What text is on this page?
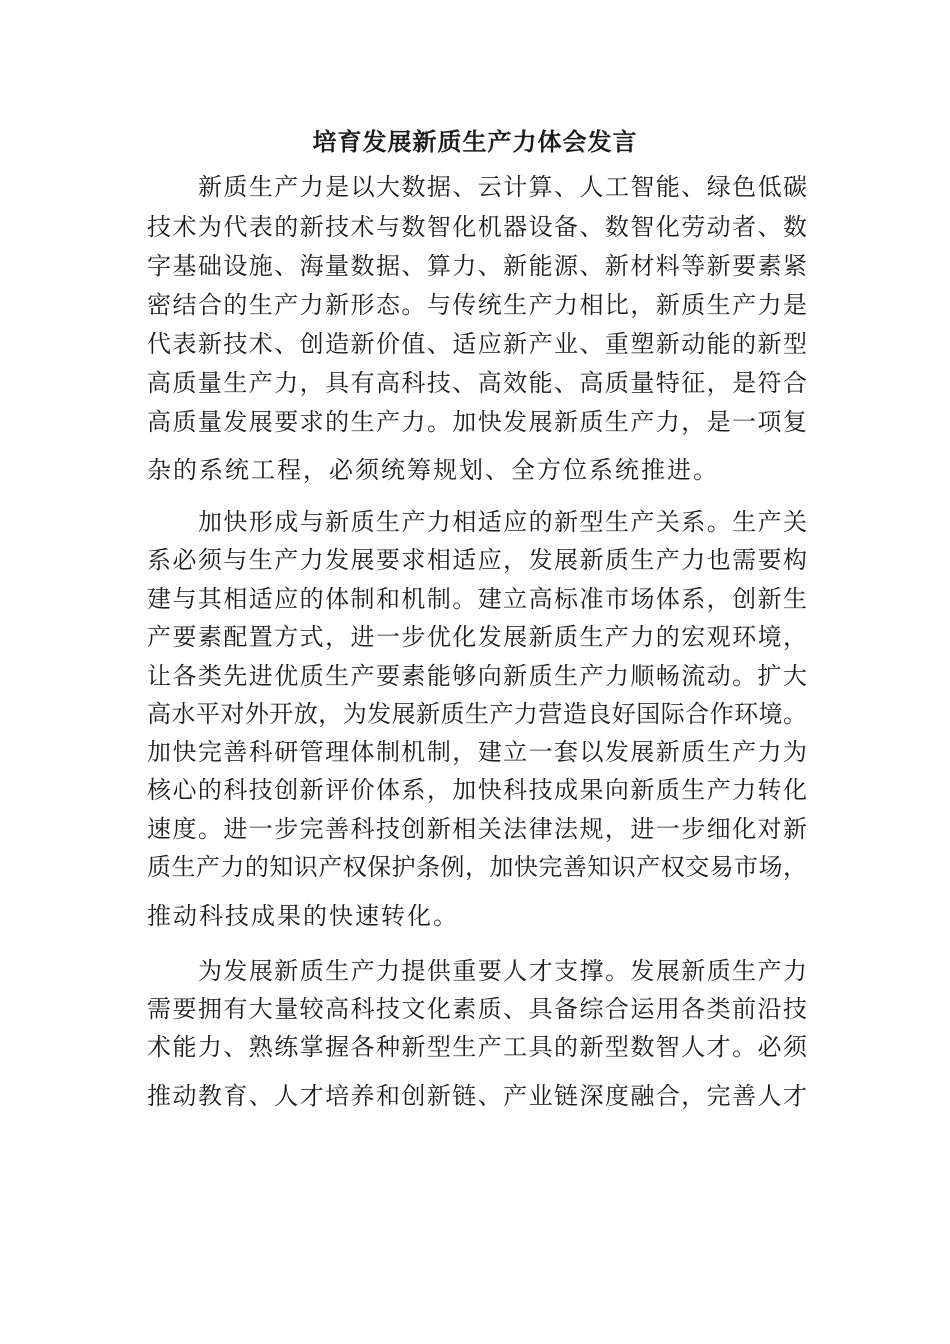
培育发展新质生产力体会发言
新质生产力是以大数据、云计算、人工智能、绿色低碳
技术为代表的新技术与数智化机器设备、数智化劳动者、数
字基础设施、海量数据、算力、新能源、新材料等新要素紧
密结合的生产力新形态。与传统生产力相比，新质生产力是
代表新技术、创造新价值、适应新产业、重塑新动能的新型
高质量生产力，具有高科技、高效能、高质量特征，是符合
高质量发展要求的生产力。加快发展新质生产力，是一项复
杂的系统工程，必须统筹规划、全方位系统推进。
加快形成与新质生产力相适应的新型生产关系。生产关
系必须与生产力发展要求相适应，发展新质生产力也需要构
建与其相适应的体制和机制。建立高标准市场体系，创新生
产要素配置方式，进一步优化发展新质生产力的宏观环境，
让各类先进优质生产要素能够向新质生产力顺畅流动。扩大
高水平对外开放，为发展新质生产力营造良好国际合作环境。
加快完善科研管理体制机制，建立一套以发展新质生产力为
核心的科技创新评价体系，加快科技成果向新质生产力转化
速度。进一步完善科技创新相关法律法规，进一步细化对新
质生产力的知识产权保护条例，加快完善知识产权交易市场，
推动科技成果的快速转化。
为发展新质生产力提供重要人才支撑。发展新质生产力
需要拥有大量较高科技文化素质、具备综合运用各类前沿技
术能力、熟练掌握各种新型生产工具的新型数智人才。必须
推动教育、人才培养和创新链、产业链深度融合，完善人才
